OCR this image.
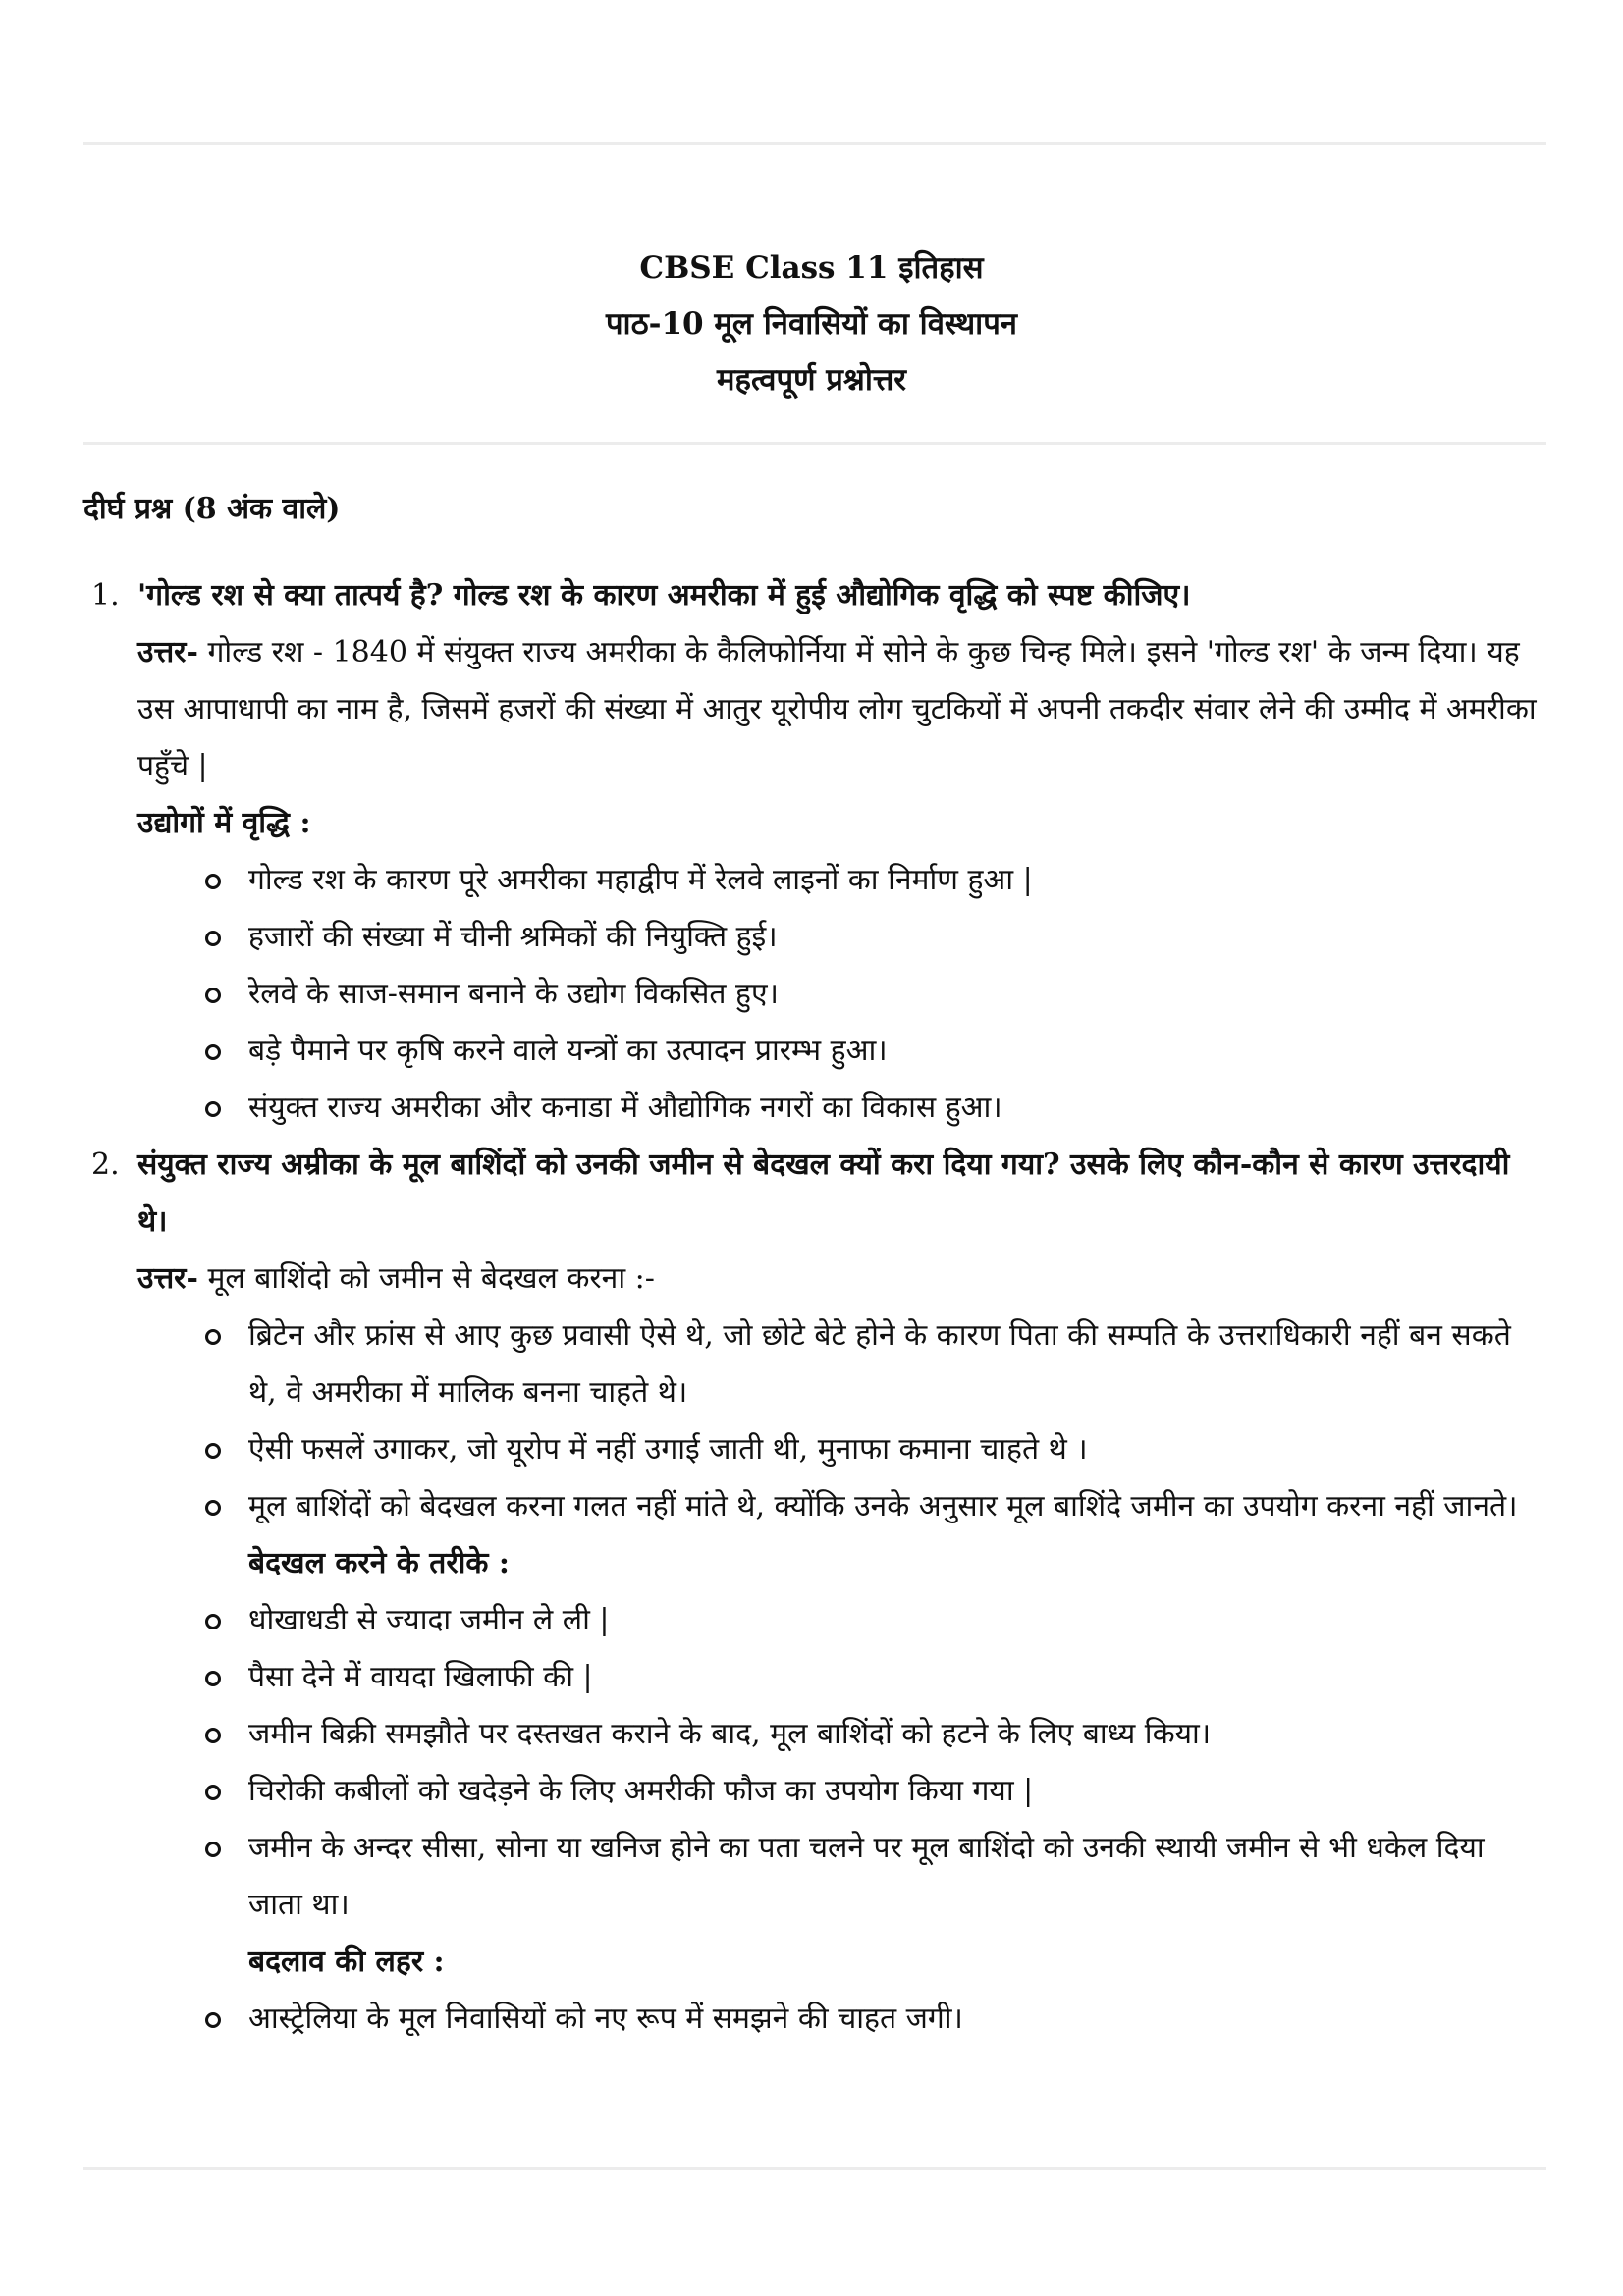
CBSE Class 11 इतिहास
पाठ-10 मूल निवासियों का विस्थापन
महत्वपूर्ण प्रश्नोत्तर
दीर्घ प्रश्न (8 अंक वाले)
1. 'गोल्ड रश से क्या तात्पर्य है? गोल्ड रश के कारण अमरीका में हुई औद्योगिक वृद्धि को स्पष्ट कीजिए।
उत्तर- गोल्ड रश - 1840 में संयुक्त राज्य अमरीका के कैलिफोर्निया में सोने के कुछ चिन्ह मिले। इसने 'गोल्ड रश' के जन्म दिया। यह उस आपाधापी का नाम है, जिसमें हजरों की संख्या में आतुर यूरोपीय लोग चुटकियों में अपनी तकदीर संवार लेने की उम्मीद में अमरीका पहुँचे |
उद्योगों में वृद्धि :
गोल्ड रश के कारण पूरे अमरीका महाद्वीप में रेलवे लाइनों का निर्माण हुआ |
हजारों की संख्या में चीनी श्रमिकों की नियुक्ति हुई।
रेलवे के साज-समान बनाने के उद्योग विकसित हुए।
बड़े पैमाने पर कृषि करने वाले यन्त्रों का उत्पादन प्रारम्भ हुआ।
संयुक्त राज्य अमरीका और कनाडा में औद्योगिक नगरों का विकास हुआ।
2. संयुक्त राज्य अम्रीका के मूल बाशिंदों को उनकी जमीन से बेदखल क्यों करा दिया गया? उसके लिए कौन-कौन से कारण उत्तरदायी थे।
उत्तर- मूल बाशिंदो को जमीन से बेदखल करना :-
ब्रिटेन और फ्रांस से आए कुछ प्रवासी ऐसे थे, जो छोटे बेटे होने के कारण पिता की सम्पति के उत्तराधिकारी नहीं बन सकते थे, वे अमरीका में मालिक बनना चाहते थे।
ऐसी फसलें उगाकर, जो यूरोप में नहीं उगाई जाती थी, मुनाफा कमाना चाहते थे ।
मूल बाशिंदों को बेदखल करना गलत नहीं मांते थे, क्योंकि उनके अनुसार मूल बाशिंदे जमीन का उपयोग करना नहीं जानते।
बेदखल करने के तरीके :
धोखाधडी से ज्यादा जमीन ले ली |
पैसा देने में वायदा खिलाफी की |
जमीन बिक्री समझौते पर दस्तखत कराने के बाद, मूल बाशिंदों को हटने के लिए बाध्य किया।
चिरोकी कबीलों को खदेड़ने के लिए अमरीकी फौज का उपयोग किया गया |
जमीन के अन्दर सीसा, सोना या खनिज होने का पता चलने पर मूल बाशिंदो को उनकी स्थायी जमीन से भी धकेल दिया जाता था।
बदलाव की लहर :
आस्ट्रेलिया के मूल निवासियों को नए रूप में समझने की चाहत जगी।
